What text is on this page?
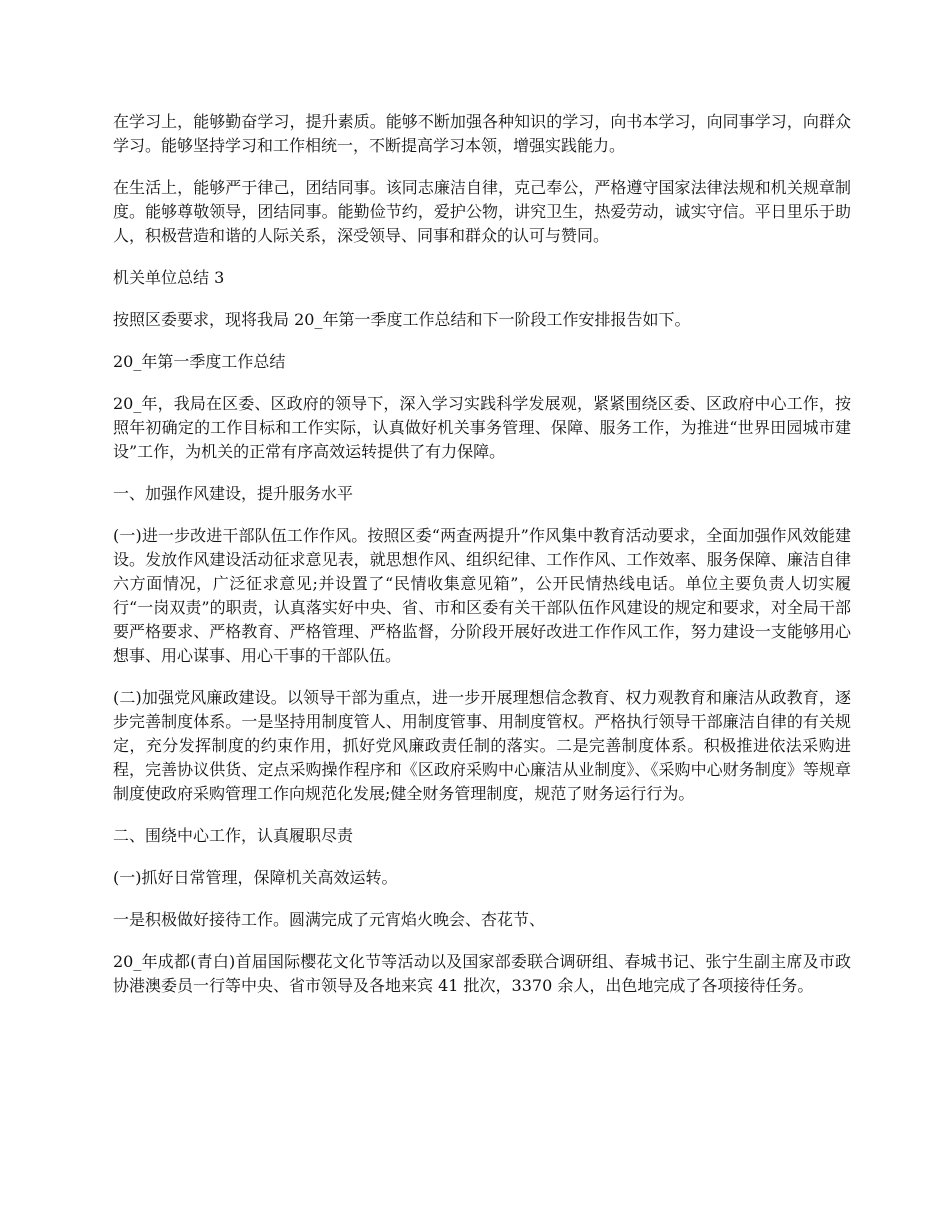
在学习上，能够勤奋学习，提升素质。能够不断加强各种知识的学习，向书本学习，向同事学习，向群众学习。能够坚持学习和工作相统一，不断提高学习本领，增强实践能力。

在生活上，能够严于律己，团结同事。该同志廉洁自律，克己奉公，严格遵守国家法律法规和机关规章制度。能够尊敬领导，团结同事。能勤俭节约，爱护公物，讲究卫生，热爱劳动，诚实守信。平日里乐于助人，积极营造和谐的人际关系，深受领导、同事和群众的认可与赞同。

机关单位总结 3

按照区委要求，现将我局 20_年第一季度工作总结和下一阶段工作安排报告如下。

20_年第一季度工作总结

20_年，我局在区委、区政府的领导下，深入学习实践科学发展观，紧紧围绕区委、区政府中心工作，按照年初确定的工作目标和工作实际，认真做好机关事务管理、保障、服务工作，为推进“世界田园城市建设”工作，为机关的正常有序高效运转提供了有力保障。

一、加强作风建设，提升服务水平

(一)进一步改进干部队伍工作作风。按照区委“两查两提升”作风集中教育活动要求，全面加强作风效能建设。发放作风建设活动征求意见表，就思想作风、组织纪律、工作作风、工作效率、服务保障、廉洁自律六方面情况，广泛征求意见;并设置了“民情收集意见箱”，公开民情热线电话。单位主要负责人切实履行“一岗双责”的职责，认真落实好中央、省、市和区委有关干部队伍作风建设的规定和要求，对全局干部要严格要求、严格教育、严格管理、严格监督，分阶段开展好改进工作作风工作，努力建设一支能够用心想事、用心谋事、用心干事的干部队伍。

(二)加强党风廉政建设。以领导干部为重点，进一步开展理想信念教育、权力观教育和廉洁从政教育，逐步完善制度体系。一是坚持用制度管人、用制度管事、用制度管权。严格执行领导干部廉洁自律的有关规定，充分发挥制度的约束作用，抓好党风廉政责任制的落实。二是完善制度体系。积极推进依法采购进程，完善协议供货、定点采购操作程序和《区政府采购中心廉洁从业制度》、《采购中心财务制度》等规章制度使政府采购管理工作向规范化发展;健全财务管理制度，规范了财务运行行为。

二、围绕中心工作，认真履职尽责

(一)抓好日常管理，保障机关高效运转。

一是积极做好接待工作。圆满完成了元宵焰火晚会、杏花节、

20_年成都(青白)首届国际樱花文化节等活动以及国家部委联合调研组、春城书记、张宁生副主席及市政协港澳委员一行等中央、省市领导及各地来宾 41 批次，3370 余人，出色地完成了各项接待任务。
